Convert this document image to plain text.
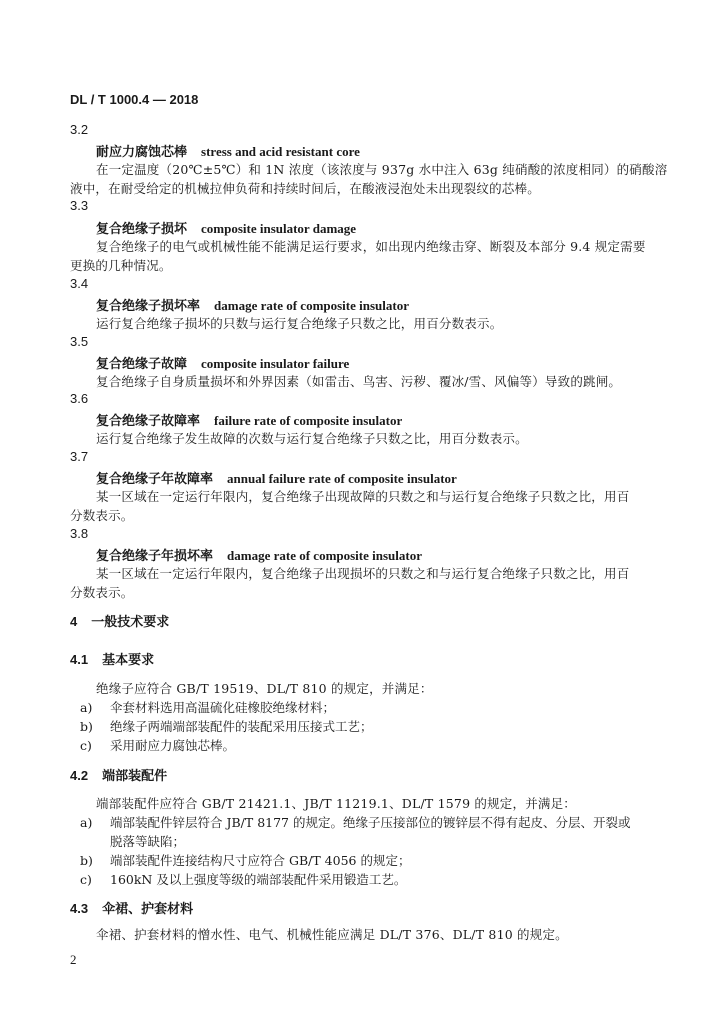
DL / T 1000.4 — 2018
3.2
耐应力腐蚀芯棒 stress and acid resistant core
在一定温度（20℃±5℃）和 1N 浓度（该浓度与 937g 水中注入 63g 纯硝酸的浓度相同）的硝酸溶
液中，在耐受给定的机械拉伸负荷和持续时间后，在酸液浸泡处未出现裂纹的芯棒。
3.3
复合绝缘子损坏 composite insulator damage
复合绝缘子的电气或机械性能不能满足运行要求，如出现内绝缘击穿、断裂及本部分 9.4 规定需要
更换的几种情况。
3.4
复合绝缘子损坏率 damage rate of composite insulator
运行复合绝缘子损坏的只数与运行复合绝缘子只数之比，用百分数表示。
3.5
复合绝缘子故障 composite insulator failure
复合绝缘子自身质量损坏和外界因素（如雷击、鸟害、污秽、覆冰/雪、风偏等）导致的跳闸。
3.6
复合绝缘子故障率 failure rate of composite insulator
运行复合绝缘子发生故障的次数与运行复合绝缘子只数之比，用百分数表示。
3.7
复合绝缘子年故障率 annual failure rate of composite insulator
某一区域在一定运行年限内，复合绝缘子出现故障的只数之和与运行复合绝缘子只数之比，用百
分数表示。
3.8
复合绝缘子年损坏率 damage rate of composite insulator
某一区域在一定运行年限内，复合绝缘子出现损坏的只数之和与运行复合绝缘子只数之比，用百
分数表示。
4 一般技术要求
4.1 基本要求
绝缘子应符合 GB/T 19519、DL/T 810 的规定，并满足：
a) 伞套材料选用高温硫化硅橡胶绝缘材料；
b) 绝缘子两端端部装配件的装配采用压接式工艺；
c) 采用耐应力腐蚀芯棒。
4.2 端部装配件
端部装配件应符合 GB/T 21421.1、JB/T 11219.1、DL/T 1579 的规定，并满足：
a) 端部装配件锌层符合 JB/T 8177 的规定。绝缘子压接部位的镀锌层不得有起皮、分层、开裂或
脱落等缺陷；
b) 端部装配件连接结构尺寸应符合 GB/T 4056 的规定；
c) 160kN 及以上强度等级的端部装配件采用锻造工艺。
4.3 伞裙、护套材料
伞裙、护套材料的憎水性、电气、机械性能应满足 DL/T 376、DL/T 810 的规定。
2
